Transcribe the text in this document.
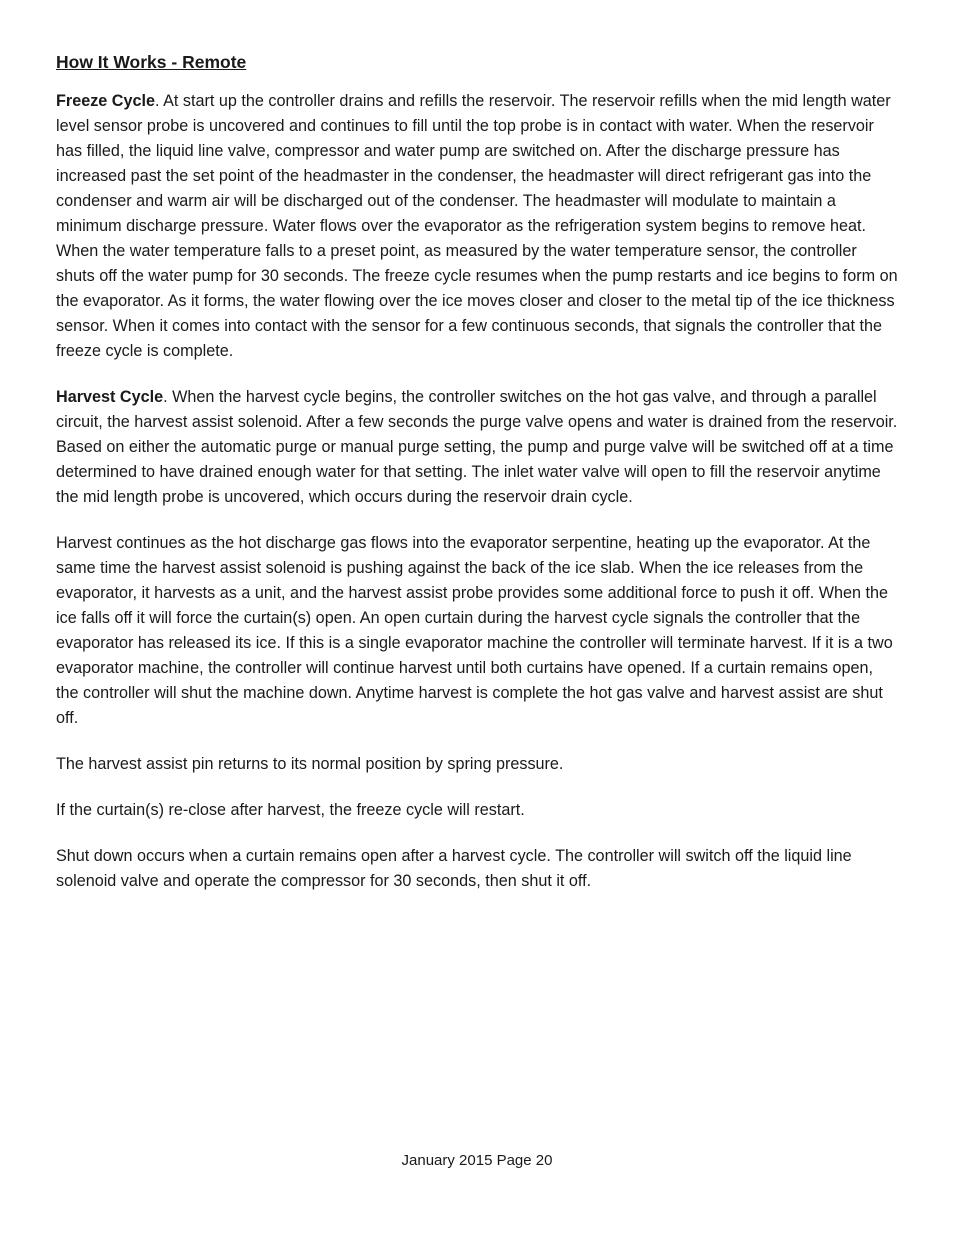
How It Works - Remote

Freeze Cycle. At start up the controller drains and refills the reservoir. The reservoir refills when the mid length water level sensor probe is uncovered and continues to fill until the top probe is in contact with water. When the reservoir has filled, the liquid line valve, compressor and water pump are switched on. After the discharge pressure has increased past the set point of the headmaster in the condenser, the headmaster will direct refrigerant gas into the condenser and warm air will be discharged out of the condenser. The headmaster will modulate to maintain a minimum discharge pressure. Water flows over the evaporator as the refrigeration system begins to remove heat. When the water temperature falls to a preset point, as measured by the water temperature sensor, the controller shuts off the water pump for 30 seconds. The freeze cycle resumes when the pump restarts and ice begins to form on the evaporator. As it forms, the water flowing over the ice moves closer and closer to the metal tip of the ice thickness sensor. When it comes into contact with the sensor for a few continuous seconds, that signals the controller that the freeze cycle is complete.

Harvest Cycle. When the harvest cycle begins, the controller switches on the hot gas valve, and through a parallel circuit, the harvest assist solenoid. After a few seconds the purge valve opens and water is drained from the reservoir. Based on either the automatic purge or manual purge setting, the pump and purge valve will be switched off at a time determined to have drained enough water for that setting. The inlet water valve will open to fill the reservoir anytime the mid length probe is uncovered, which occurs during the reservoir drain cycle.

Harvest continues as the hot discharge gas flows into the evaporator serpentine, heating up the evaporator. At the same time the harvest assist solenoid is pushing against the back of the ice slab. When the ice releases from the evaporator, it harvests as a unit, and the harvest assist probe provides some additional force to push it off. When the ice falls off it will force the curtain(s) open. An open curtain during the harvest cycle signals the controller that the evaporator has released its ice. If this is a single evaporator machine the controller will terminate harvest. If it is a two evaporator machine, the controller will continue harvest until both curtains have opened. If a curtain remains open, the controller will shut the machine down. Anytime harvest is complete the hot gas valve and harvest assist are shut off.

The harvest assist pin returns to its normal position by spring pressure.

If the curtain(s) re-close after harvest, the freeze cycle will restart.

Shut down occurs when a curtain remains open after a harvest cycle. The controller will switch off the liquid line solenoid valve and operate the compressor for 30 seconds, then shut it off.

January 2015 Page 20
